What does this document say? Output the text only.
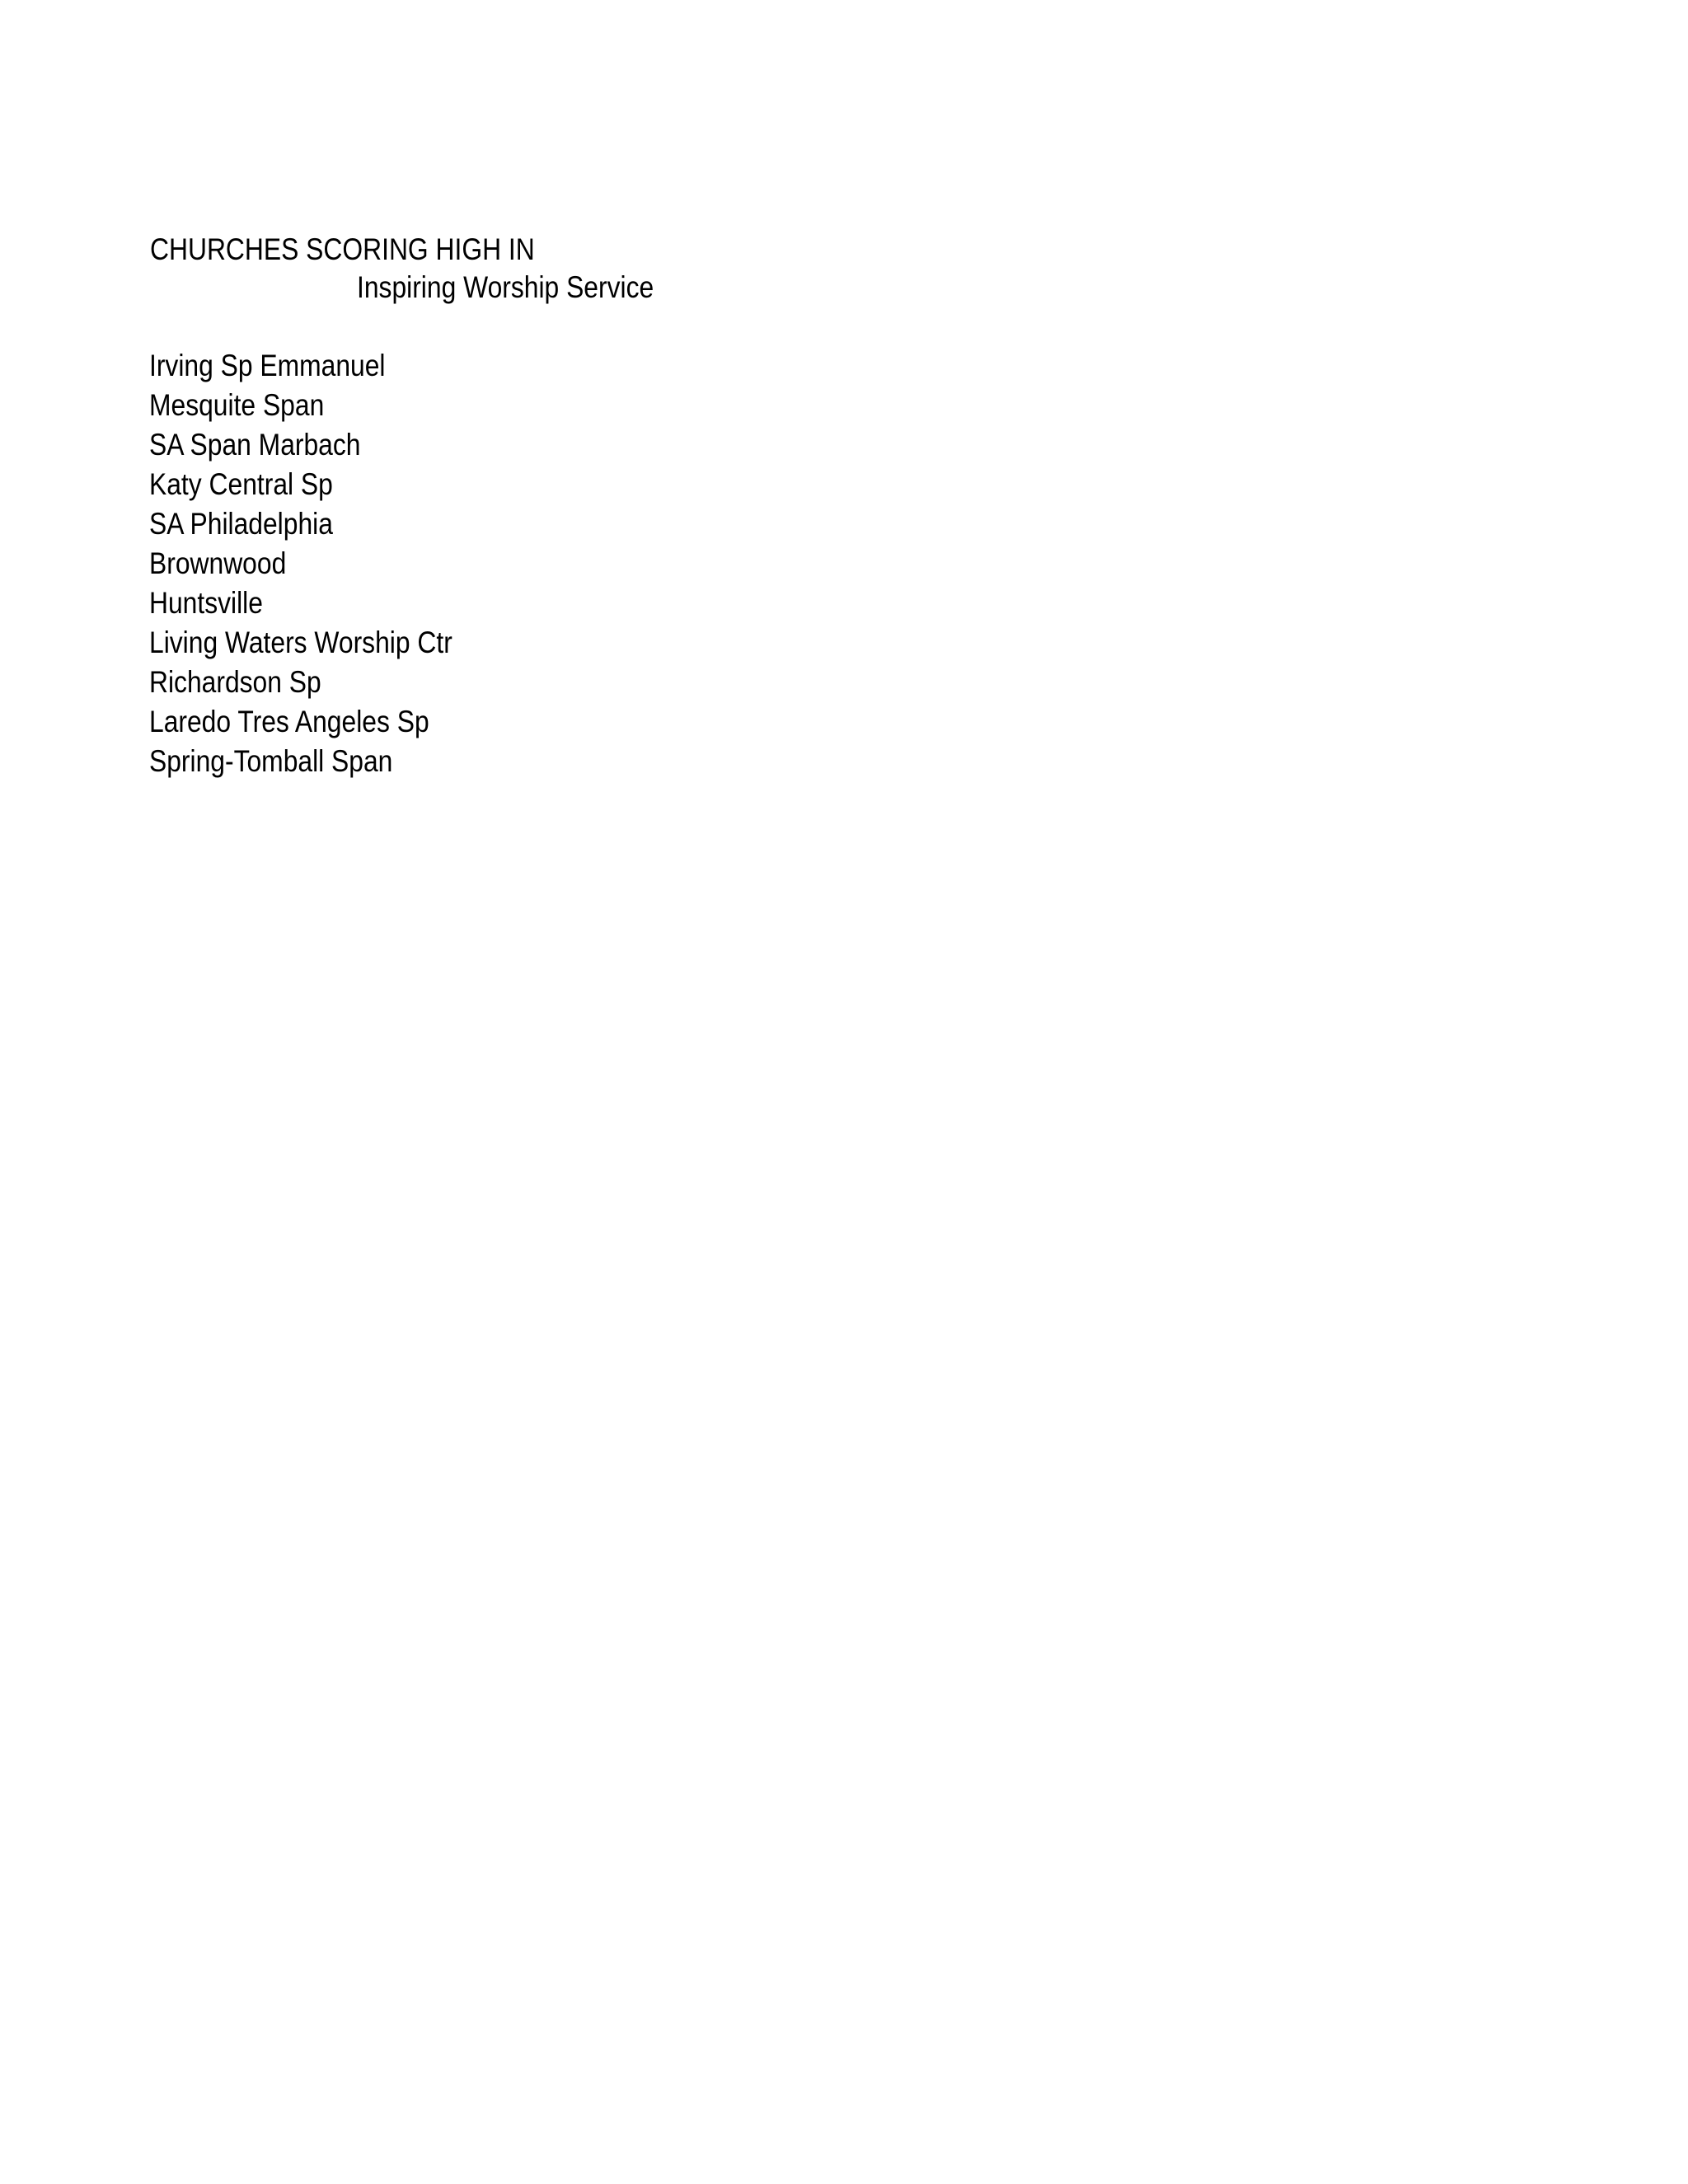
CHURCHES SCORING HIGH IN
Inspiring Worship Service
Irving Sp Emmanuel
Mesquite Span
SA Span Marbach
Katy Central Sp
SA Philadelphia
Brownwood
Huntsville
Living Waters Worship Ctr
Richardson Sp
Laredo Tres Angeles Sp
Spring-Tomball Span
